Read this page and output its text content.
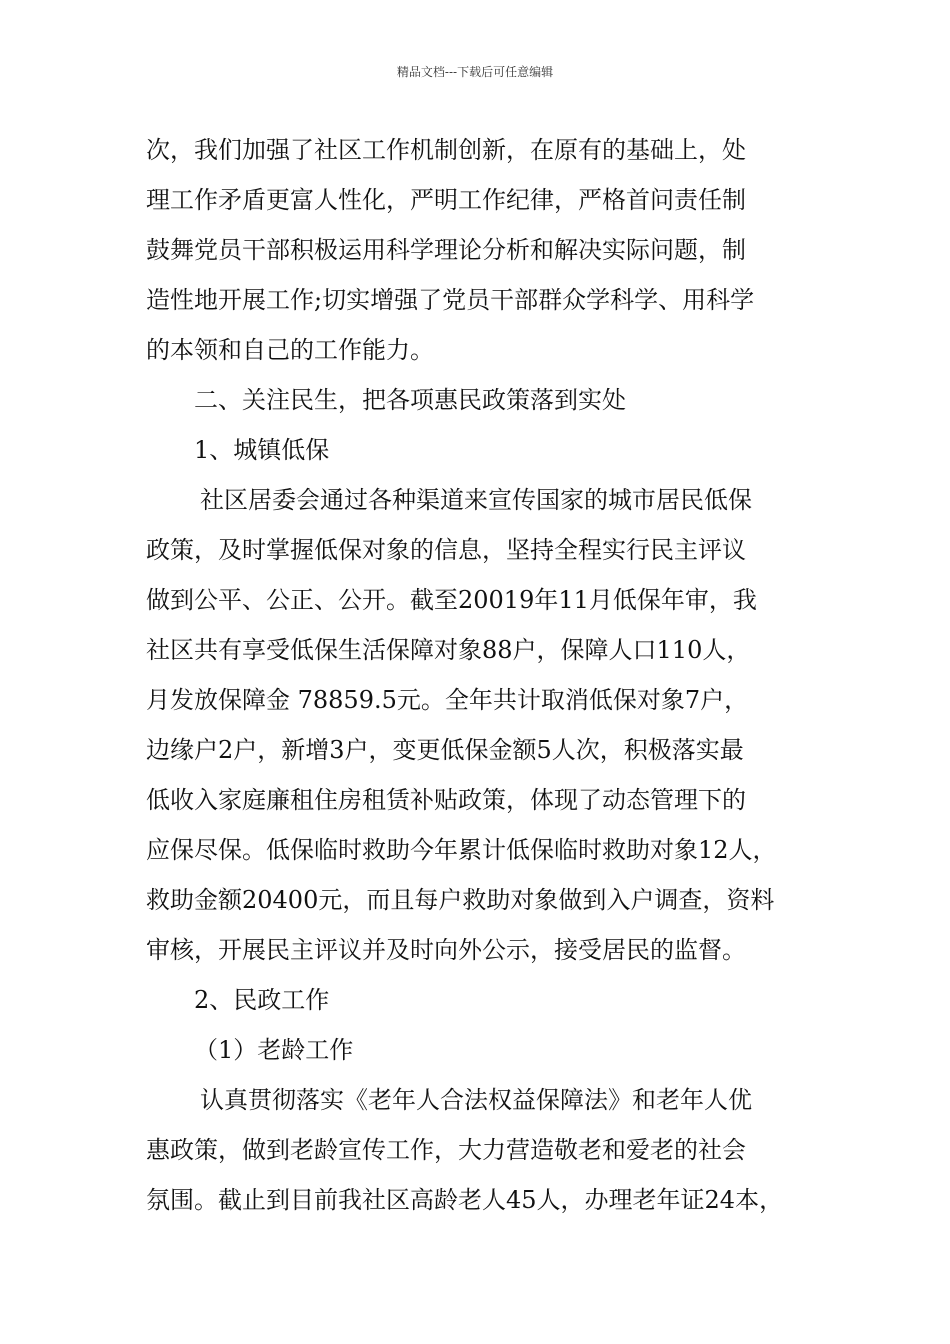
精品文档---下载后可任意编辑
次，我们加强了社区工作机制创新，在原有的基础上，处
理工作矛盾更富人性化，严明工作纪律，严格首问责任制
鼓舞党员干部积极运用科学理论分析和解决实际问题，制
造性地开展工作;切实增强了党员干部群众学科学、用科学
的本领和自己的工作能力。
二、关注民生，把各项惠民政策落到实处
1、城镇低保
社区居委会通过各种渠道来宣传国家的城市居民低保
政策，及时掌握低保对象的信息，坚持全程实行民主评议
做到公平、公正、公开。截至20019年11月低保年审，我
社区共有享受低保生活保障对象88户，保障人口110人，
月发放保障金 78859.5元。全年共计取消低保对象7户，
边缘户2户，新增3户，变更低保金额5人次，积极落实最
低收入家庭廉租住房租赁补贴政策，体现了动态管理下的
应保尽保。低保临时救助今年累计低保临时救助对象12人，
救助金额20400元，而且每户救助对象做到入户调查，资料
审核，开展民主评议并及时向外公示，接受居民的监督。
2、民政工作
（1）老龄工作
认真贯彻落实《老年人合法权益保障法》和老年人优
惠政策，做到老龄宣传工作，大力营造敬老和爱老的社会
氛围。截止到目前我社区高龄老人45人，办理老年证24本，
